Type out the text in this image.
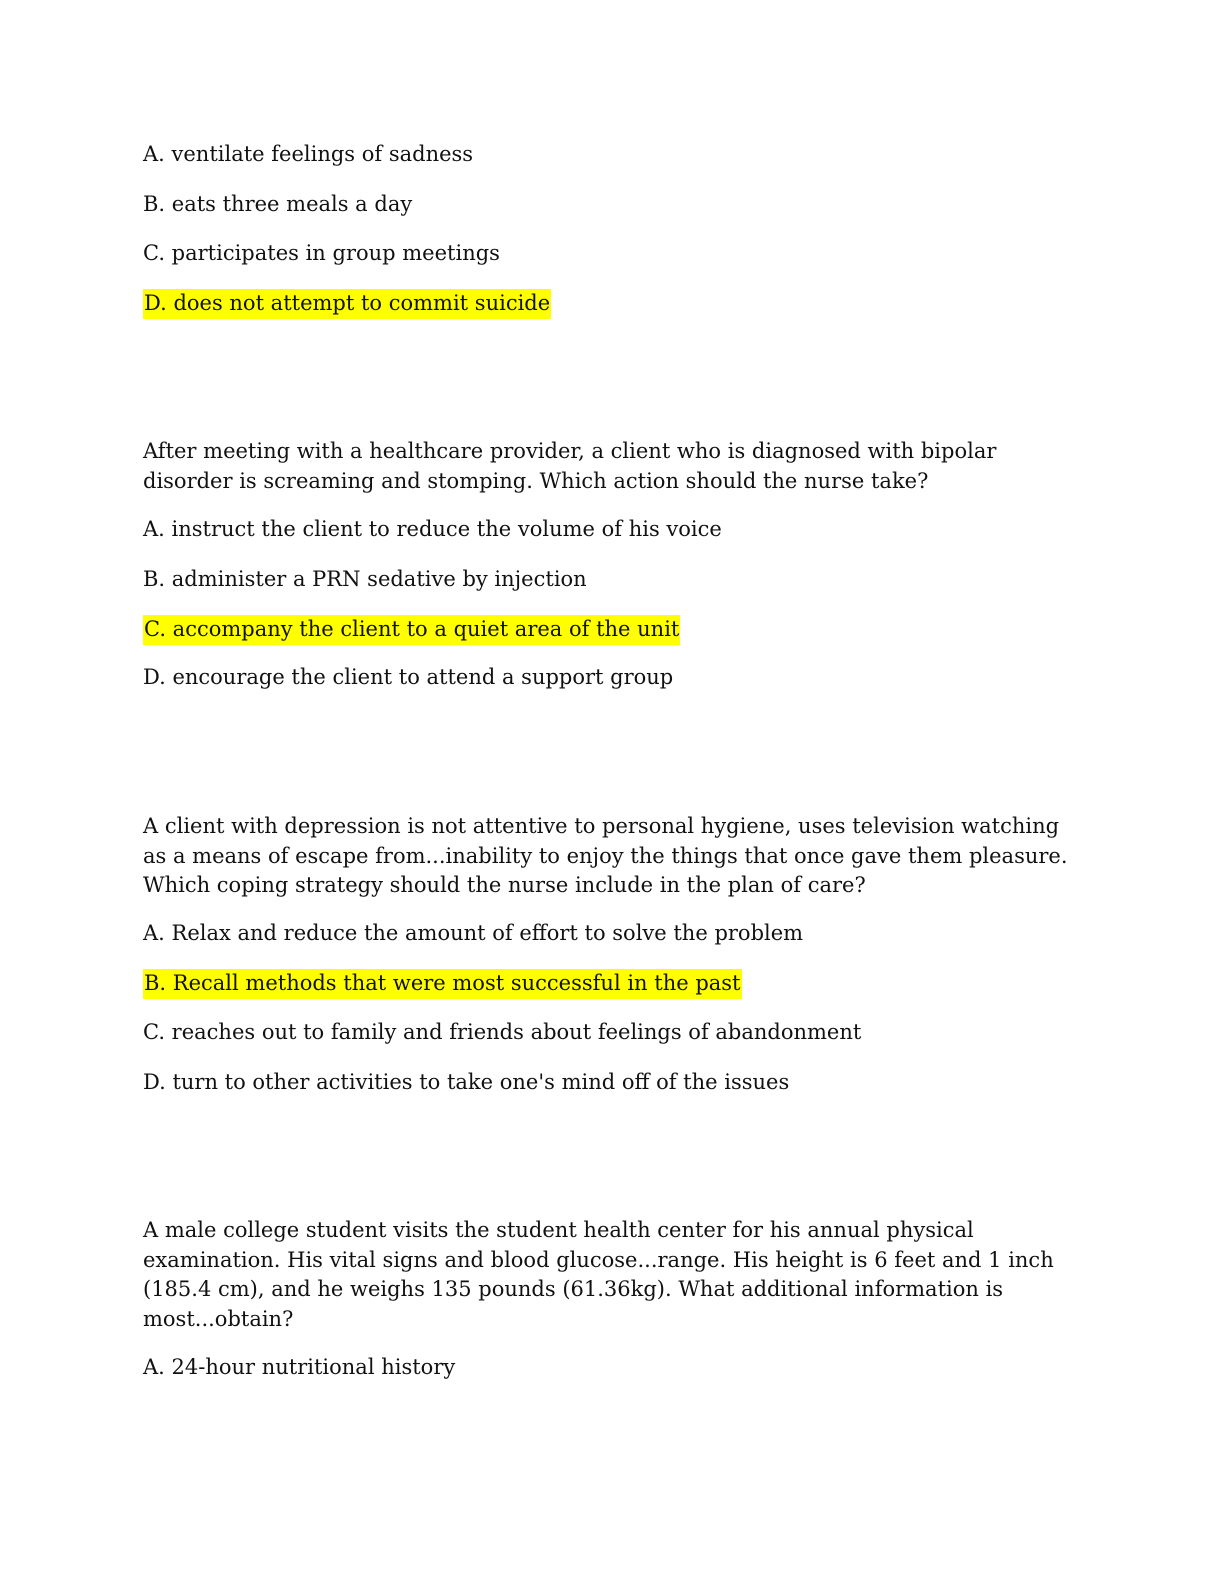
A. ventilate feelings of sadness

B. eats three meals a day

C. participates in group meetings

D. does not attempt to commit suicide

After meeting with a healthcare provider, a client who is diagnosed with bipolar
disorder is screaming and stomping. Which action should the nurse take?

A. instruct the client to reduce the volume of his voice

B. administer a PRN sedative by injection

C. accompany the client to a quiet area of the unit

D. encourage the client to attend a support group

A client with depression is not attentive to personal hygiene, uses television watching
as a means of escape from...inability to enjoy the things that once gave them pleasure.
Which coping strategy should the nurse include in the plan of care?

A. Relax and reduce the amount of effort to solve the problem

B. Recall methods that were most successful in the past

C. reaches out to family and friends about feelings of abandonment

D. turn to other activities to take one's mind off of the issues

A male college student visits the student health center for his annual physical
examination. His vital signs and blood glucose...range. His height is 6 feet and 1 inch
(185.4 cm), and he weighs 135 pounds (61.36kg). What additional information is
most...obtain?

A. 24-hour nutritional history
